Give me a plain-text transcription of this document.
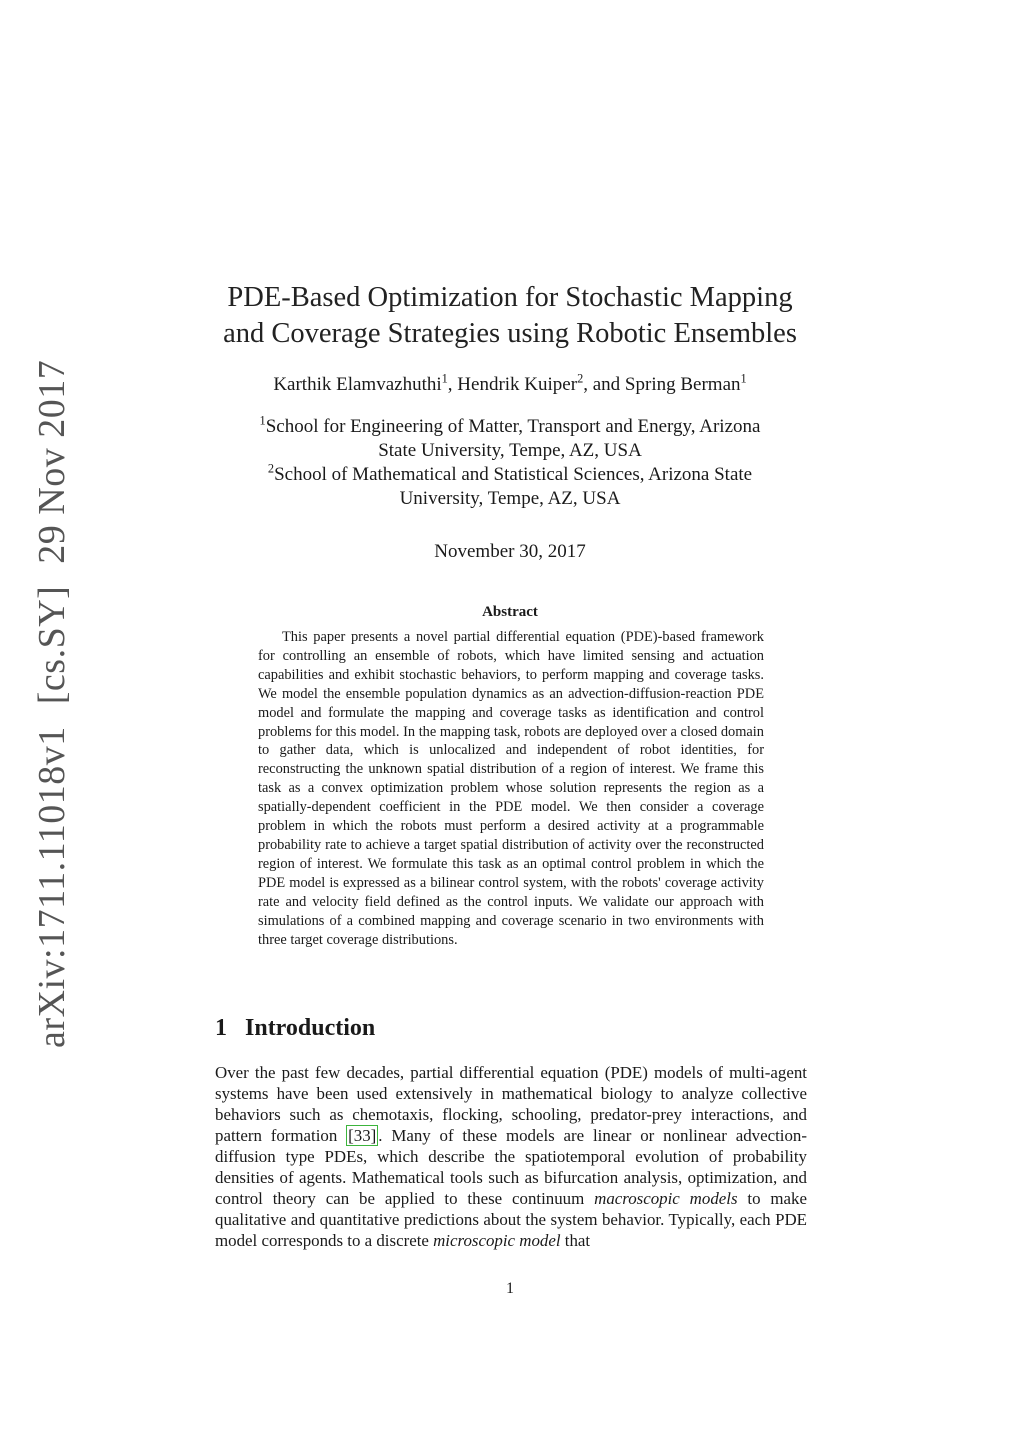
arXiv:1711.11018v1[cs.SY]29 Nov 2017
PDE-Based Optimization for Stochastic Mapping
and Coverage Strategies using Robotic Ensembles
Karthik Elamvazhuthi$^1$, Hendrik Kuiper$^2$, and Spring Berman$^1$
$^1$School for Engineering of Matter, Transport and Energy, Arizona
State University, Tempe, AZ, USA
$^2$School of Mathematical and Statistical Sciences, Arizona State
University, Tempe, AZ, USA
November 30, 2017
Abstract

This paper presents a novel partial differential equation (PDE)-based framework for controlling an ensemble of robots, which have limited sensing and actuation capabilities and exhibit stochastic behaviors, to perform mapping and coverage tasks. We model the ensemble population dynamics as an advection-diffusion-reaction PDE model and formulate the mapping and coverage tasks as identification and control problems for this model. In the mapping task, robots are deployed over a closed domain to gather data, which is unlocalized and independent of robot identities, for reconstructing the unknown spatial distribution of a region of interest. We frame this task as a convex optimization problem whose solution represents the region as a spatially-dependent coefficient in the PDE model. We then consider a coverage problem in which the robots must perform a desired activity at a programmable probability rate to achieve a target spatial distribution of activity over the reconstructed region of interest. We formulate this task as an optimal control problem in which the PDE model is expressed as a bilinear control system, with the robots' coverage activity rate and velocity field defined as the control inputs. We validate our approach with simulations of a combined mapping and coverage scenario in two environments with three target coverage distributions.

1 Introduction

Over the past few decades, partial differential equation (PDE) models of multi-agent systems have been used extensively in mathematical biology to analyze collective behaviors such as chemotaxis, flocking, schooling, predator-prey interactions, and pattern formation [33] . Many of these models are linear or nonlinear advection-diffusion type PDEs, which describe the spatiotemporal evolution of probability densities of agents. Mathematical tools such as bifurcation analysis, optimization, and control theory can be applied to these continuum macroscopic models to make qualitative and quantitative predictions about the system behavior. Typically, each PDE model corresponds to a discrete microscopic model that

1
